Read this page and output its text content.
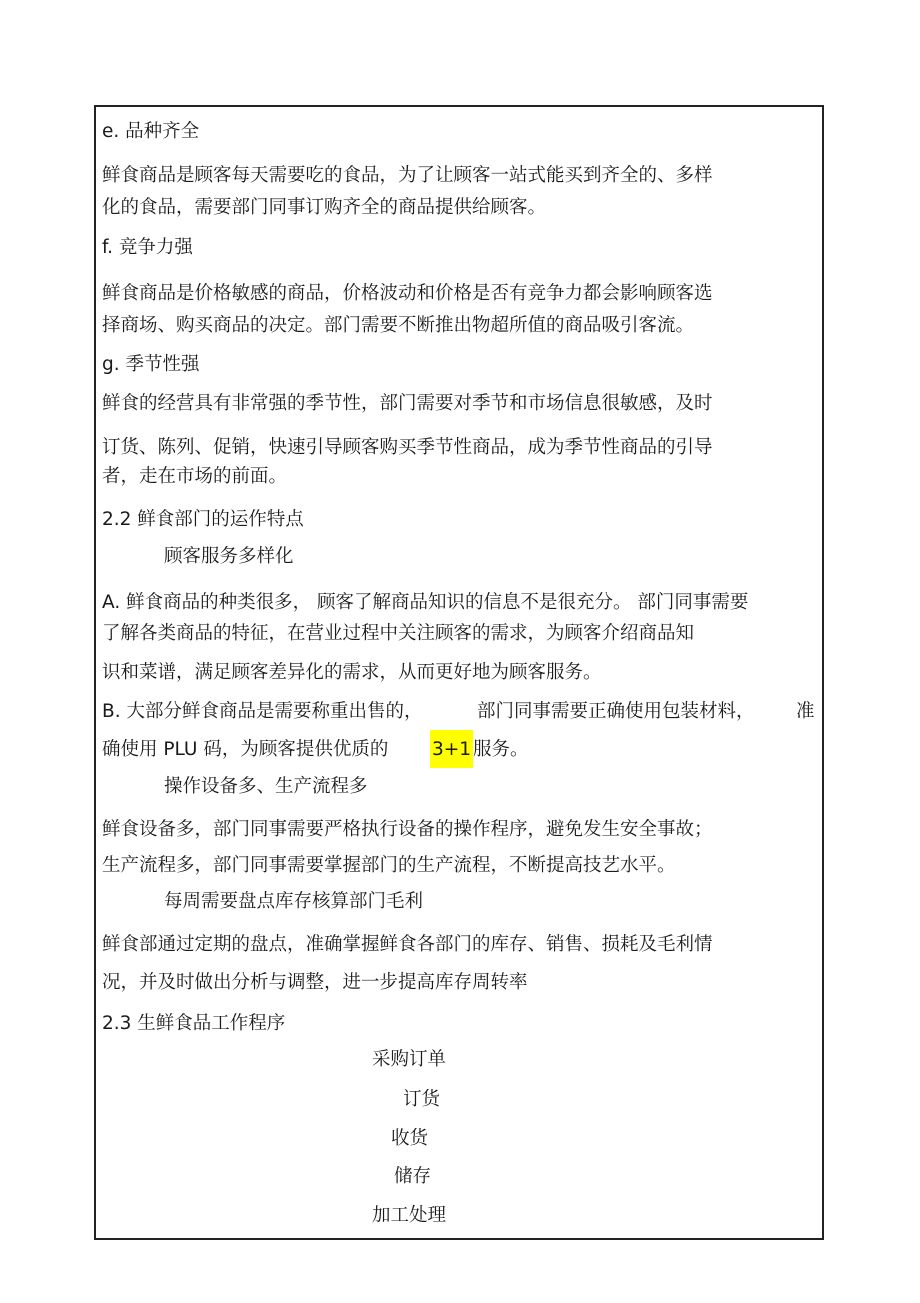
e. 品种齐全
鲜食商品是顾客每天需要吃的食品，为了让顾客一站式能买到齐全的、多样
化的食品，需要部门同事订购齐全的商品提供给顾客。
f. 竞争力强
鲜食商品是价格敏感的商品，价格波动和价格是否有竞争力都会影响顾客选
择商场、购买商品的决定。部门需要不断推出物超所值的商品吸引客流。
g. 季节性强
鲜食的经营具有非常强的季节性，部门需要对季节和市场信息很敏感，及时
订货、陈列、促销，快速引导顾客购买季节性商品，成为季节性商品的引导
者，走在市场的前面。
2.2 鲜食部门的运作特点
顾客服务多样化
A. 鲜食商品的种类很多， 顾客了解商品知识的信息不是很充分。 部门同事需要
了解各类商品的特征，在营业过程中关注顾客的需求，为顾客介绍商品知
识和菜谱，满足顾客差异化的需求，从而更好地为顾客服务。
B. 大部分鲜食商品是需要称重出售的，	部门同事需要正确使用包装材料， 准
确使用 PLU 码，为顾客提供优质的 3+1 服务。
操作设备多、生产流程多
鲜食设备多，部门同事需要严格执行设备的操作程序，避免发生安全事故；
生产流程多，部门同事需要掌握部门的生产流程，不断提高技艺水平。
每周需要盘点库存核算部门毛利
鲜食部通过定期的盘点，准确掌握鲜食各部门的库存、销售、损耗及毛利情
况，并及时做出分析与调整，进一步提高库存周转率
2.3 生鲜食品工作程序
采购订单
订货
收货
储存
加工处理
